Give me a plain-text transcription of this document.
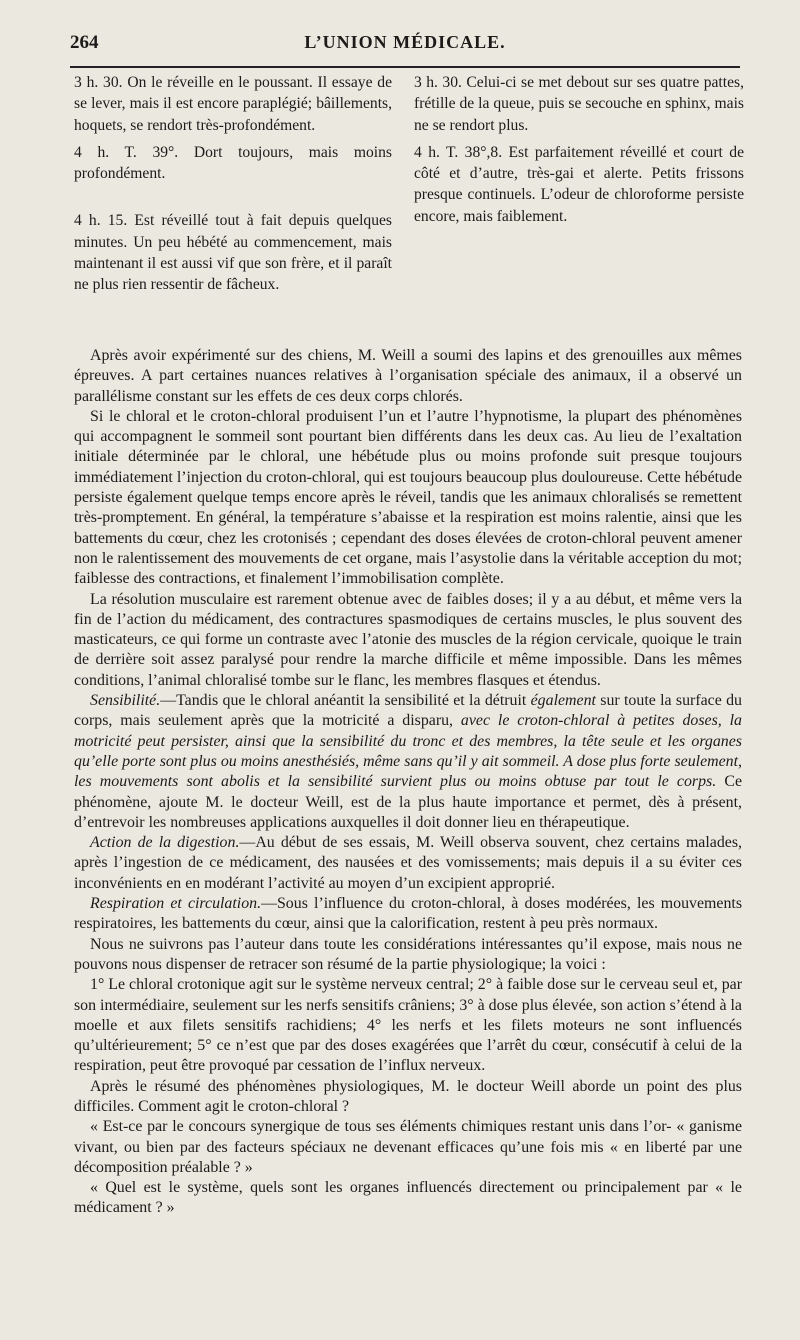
264	L’UNION MÉDICALE.

3 h. 30. On le réveille en le poussant. Il essaye de se lever, mais il est encore paraplégié; bâillements, hoquets, se rendort très-profondément.

4 h. T. 39°. Dort toujours, mais moins profondément.

4 h. 15. Est réveillé tout à fait depuis quelques minutes. Un peu hébété au commencement, mais maintenant il est aussi vif que son frère, et il paraît ne plus rien ressentir de fâcheux.

3 h. 30. Celui-ci se met debout sur ses quatre pattes, frétille de la queue, puis se secouche en sphinx, mais ne se rendort plus.

4 h. T. 38°,8. Est parfaitement réveillé et court de côté et d’autre, très-gai et alerte. Petits frissons presque continuels. L’odeur de chloroforme persiste encore, mais faiblement.

Après avoir expérimenté sur des chiens, M. Weill a soumi des lapins et des grenouilles aux mêmes épreuves. A part certaines nuances relatives à l’organisation spéciale des animaux, il a observé un parallélisme constant sur les effets de ces deux corps chlorés.

Si le chloral et le croton-chloral produisent l’un et l’autre l’hypnotisme, la plupart des phénomènes qui accompagnent le sommeil sont pourtant bien différents dans les deux cas. Au lieu de l’exaltation initiale déterminée par le chloral, une hébétude plus ou moins profonde suit presque toujours immédiatement l’injection du croton-chloral, qui est toujours beaucoup plus douloureuse. Cette hébétude persiste également quelque temps encore après le réveil, tandis que les animaux chloralisés se remettent très-promptement. En général, la température s’abaisse et la respiration est moins ralentie, ainsi que les battements du cœur, chez les crotonisés ; cependant des doses élevées de croton-chloral peuvent amener non le ralentissement des mouvements de cet organe, mais l’asystolie dans la véritable acception du mot; faiblesse des contractions, et finalement l’immobilisation complète.

La résolution musculaire est rarement obtenue avec de faibles doses; il y a au début, et même vers la fin de l’action du médicament, des contractures spasmodiques de certains muscles, le plus souvent des masticateurs, ce qui forme un contraste avec l’atonie des muscles de la région cervicale, quoique le train de derrière soit assez paralysé pour rendre la marche difficile et même impossible. Dans les mêmes conditions, l’animal chloralisé tombe sur le flanc, les membres flasques et étendus.

Sensibilité.—Tandis que le chloral anéantit la sensibilité et la détruit également sur toute la surface du corps, mais seulement après que la motricité a disparu, avec le croton-chloral à petites doses, la motricité peut persister, ainsi que la sensibilité du tronc et des membres, la tête seule et les organes qu’elle porte sont plus ou moins anesthésiés, même sans qu’il y ait sommeil. A dose plus forte seulement, les mouvements sont abolis et la sensibilité survient plus ou moins obtuse par tout le corps. Ce phénomène, ajoute M. le docteur Weill, est de la plus haute importance et permet, dès à présent, d’entrevoir les nombreuses applications auxquelles il doit donner lieu en thérapeutique.

Action de la digestion.—Au début de ses essais, M. Weill observa souvent, chez certains malades, après l’ingestion de ce médicament, des nausées et des vomissements; mais depuis il a su éviter ces inconvénients en en modérant l’activité au moyen d’un excipient approprié.

Respiration et circulation.—Sous l’influence du croton-chloral, à doses modérées, les mouvements respiratoires, les battements du cœur, ainsi que la calorification, restent à peu près normaux.

Nous ne suivrons pas l’auteur dans toute les considérations intéressantes qu’il expose, mais nous ne pouvons nous dispenser de retracer son résumé de la partie physiologique; la voici :

1° Le chloral crotonique agit sur le système nerveux central; 2° à faible dose sur le cerveau seul et, par son intermédiaire, seulement sur les nerfs sensitifs crâniens; 3° à dose plus élevée, son action s’étend à la moelle et aux filets sensitifs rachidiens; 4° les nerfs et les filets moteurs ne sont influencés qu’ultérieurement; 5° ce n’est que par des doses exagérées que l’arrêt du cœur, consécutif à celui de la respiration, peut être provoqué par cessation de l’influx nerveux.

Après le résumé des phénomènes physiologiques, M. le docteur Weill aborde un point des plus difficiles. Comment agit le croton-chloral ?

« Est-ce par le concours synergique de tous ses éléments chimiques restant unis dans l’or- « ganisme vivant, ou bien par des facteurs spéciaux ne devenant efficaces qu’une fois mis « en liberté par une décomposition préalable ? »

« Quel est le système, quels sont les organes influencés directement ou principalement par « le médicament ? »
